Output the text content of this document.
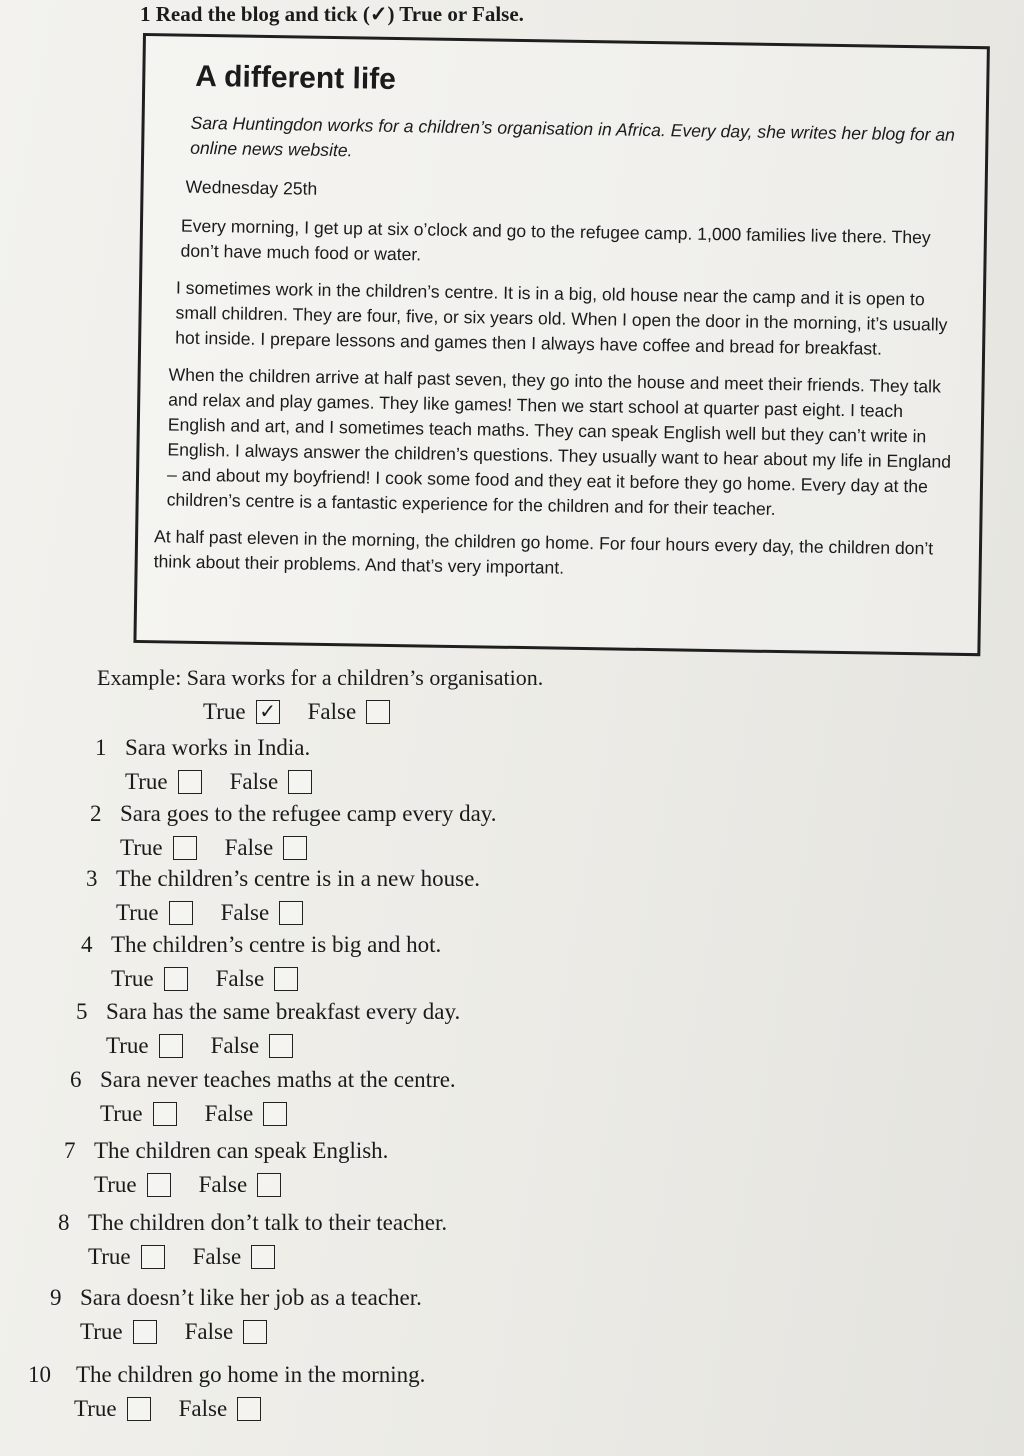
1 Read the blog and tick (✓) True or False.
A different life
Sara Huntingdon works for a children’s organisation in Africa. Every day, she writes her blog for an online news website.
Wednesday 25th

Every morning, I get up at six o’clock and go to the refugee camp. 1,000 families live there. They don’t have much food or water.

I sometimes work in the children’s centre. It is in a big, old house near the camp and it is open to small children. They are four, five, or six years old. When I open the door in the morning, it’s usually hot inside. I prepare lessons and games then I always have coffee and bread for breakfast.

When the children arrive at half past seven, they go into the house and meet their friends. They talk and relax and play games. They like games! Then we start school at quarter past eight. I teach English and art, and I sometimes teach maths. They can speak English well but they can’t write in English. I always answer the children’s questions. They usually want to hear about my life in England – and about my boyfriend! I cook some food and they eat it before they go home. Every day at the children’s centre is a fantastic experience for the children and for their teacher.

At half past eleven in the morning, the children go home. For four hours every day, the children don’t think about their problems. And that’s very important.

Example: Sara works for a children’s organisation.
True ✓ False
1 Sara works in India.
True	False
2 Sara goes to the refugee camp every day.
True	False
3 The children’s centre is in a new house.
True	False
4 The children’s centre is big and hot.
True	False
5 Sara has the same breakfast every day.
True	False
6 Sara never teaches maths at the centre.
True	False
7 The children can speak English.
True	False
8 The children don’t talk to their teacher.
True	False
9 Sara doesn’t like her job as a teacher.
True	False
10 The children go home in the morning.
True	False
